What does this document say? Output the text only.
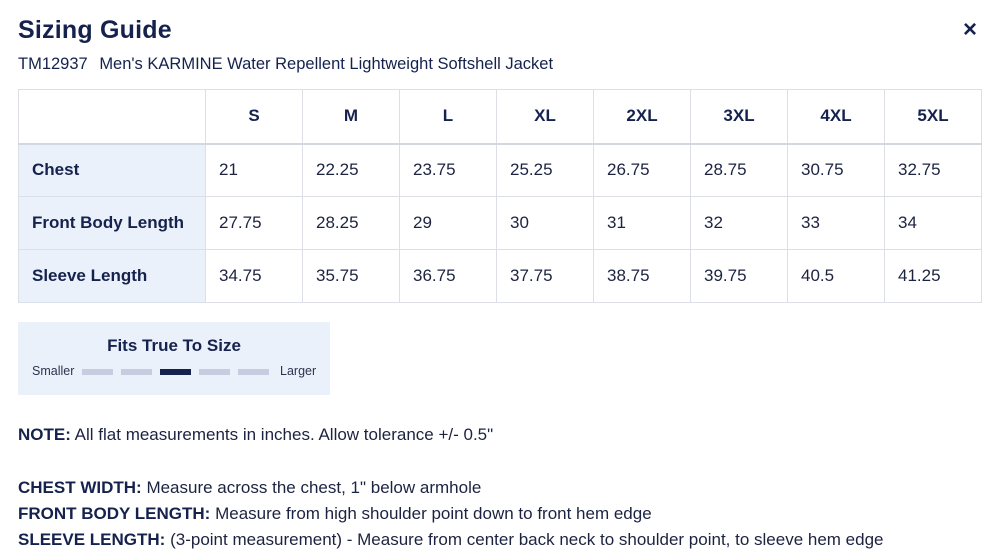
Sizing Guide	×
TM12937 Men's KARMINE Water Repellent Lightweight Softshell Jacket
	S	M	L	XL	2XL	3XL	4XL	5XL
Chest	21	22.25	23.75	25.25	26.75	28.75	30.75	32.75
Front Body Length	27.75	28.25	29	30	31	32	33	34
Sleeve Length	34.75	35.75	36.75	37.75	38.75	39.75	40.5	41.25
Fits True To Size
Smaller	Larger
NOTE: All flat measurements in inches. Allow tolerance +/- 0.5"
CHEST WIDTH: Measure across the chest, 1" below armhole
FRONT BODY LENGTH: Measure from high shoulder point down to front hem edge
SLEEVE LENGTH: (3-point measurement) - Measure from center back neck to shoulder point, to sleeve hem edge
